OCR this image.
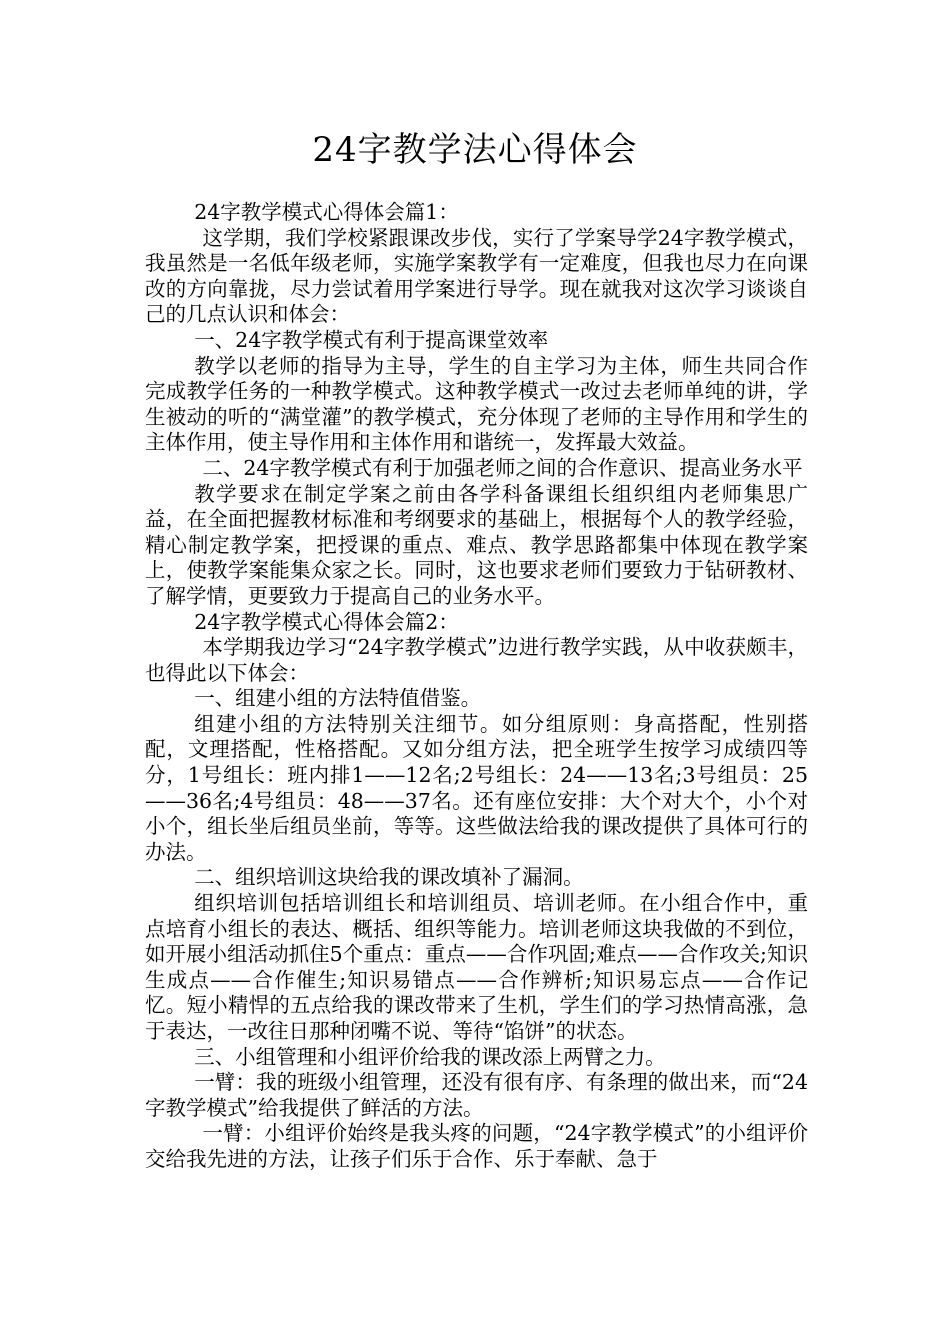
24字教学法心得体会

24字教学模式心得体会篇1：

这学期，我们学校紧跟课改步伐，实行了学案导学24字教学模式，我虽然是一名低年级老师，实施学案教学有一定难度，但我也尽力在向课改的方向靠拢，尽力尝试着用学案进行导学。现在就我对这次学习谈谈自己的几点认识和体会：

一、24字教学模式有利于提高课堂效率

教学以老师的指导为主导，学生的自主学习为主体，师生共同合作完成教学任务的一种教学模式。这种教学模式一改过去老师单纯的讲，学生被动的听的“满堂灌”的教学模式，充分体现了老师的主导作用和学生的主体作用，使主导作用和主体作用和谐统一，发挥最大效益。

二、24字教学模式有利于加强老师之间的合作意识、提高业务水平

教学要求在制定学案之前由各学科备课组长组织组内老师集思广益，在全面把握教材标准和考纲要求的基础上，根据每个人的教学经验，精心制定教学案，把授课的重点、难点、教学思路都集中体现在教学案上，使教学案能集众家之长。同时，这也要求老师们要致力于钻研教材、了解学情，更要致力于提高自己的业务水平。

24字教学模式心得体会篇2：

本学期我边学习“24字教学模式”边进行教学实践，从中收获颇丰，也得此以下体会：

一、组建小组的方法特值借鉴。

组建小组的方法特别关注细节。如分组原则：身高搭配，性别搭配，文理搭配，性格搭配。又如分组方法，把全班学生按学习成绩四等分，1号组长：班内排1——12名;2号组长：24——13名;3号组员：25——36名;4号组员：48——37名。还有座位安排：大个对大个，小个对小个，组长坐后组员坐前，等等。这些做法给我的课改提供了具体可行的办法。

二、组织培训这块给我的课改填补了漏洞。

组织培训包括培训组长和培训组员、培训老师。在小组合作中，重点培育小组长的表达、概括、组织等能力。培训老师这块我做的不到位，如开展小组活动抓住5个重点：重点——合作巩固;难点——合作攻关;知识生成点——合作催生;知识易错点——合作辨析;知识易忘点——合作记忆。短小精悍的五点给我的课改带来了生机，学生们的学习热情高涨，急于表达，一改往日那种闭嘴不说、等待“馅饼”的状态。

三、小组管理和小组评价给我的课改添上两臂之力。

一臂：我的班级小组管理，还没有很有序、有条理的做出来，而“24字教学模式”给我提供了鲜活的方法。

一臂：小组评价始终是我头疼的问题，“24字教学模式”的小组评价交给我先进的方法，让孩子们乐于合作、乐于奉献、急于
